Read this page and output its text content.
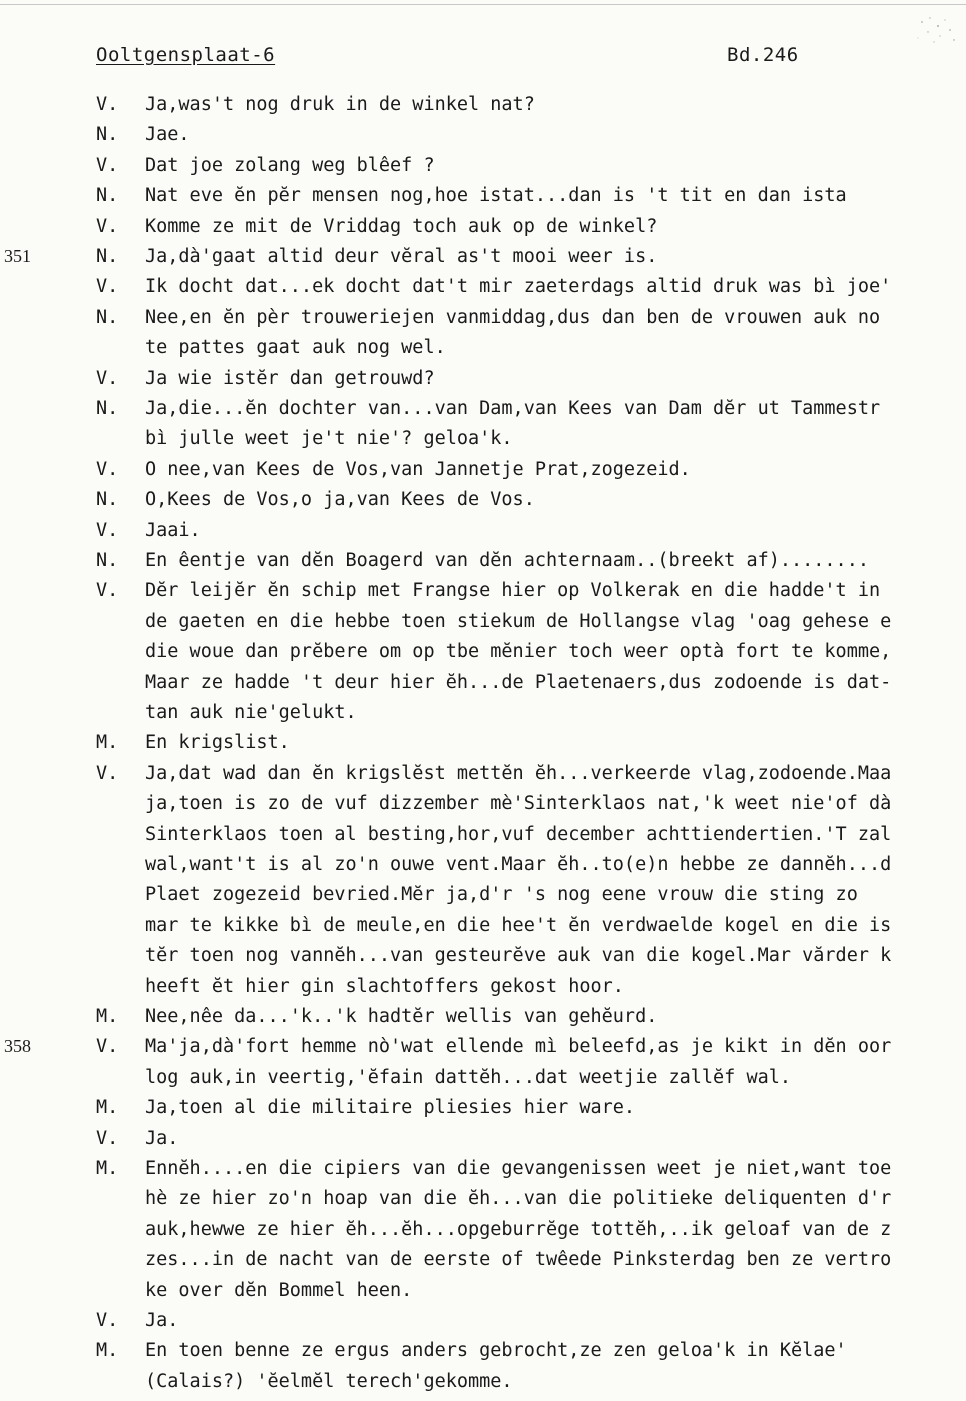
Ooltgensplaat-6	Bd.246
351
358
V. Ja,was't nog druk in de winkel nat?
N. Jae.
V. Dat joe zolang weg blêef ?
N. Nat eve ĕn pĕr mensen nog,hoe istat...dan is 't tit en dan ista
V. Komme ze mit de Vriddag toch auk op de winkel?
N. Ja,dà'gaat altid deur vĕral as't mooi weer is.
V. Ik docht dat...ek docht dat't mir zaeterdags altid druk was bì joe'
N. Nee,en ĕn pèr trouweriejen vanmiddag,dus dan ben de vrouwen auk no
te pattes gaat auk nog wel.
V. Ja wie istĕr dan getrouwd?
N. Ja,die...ĕn dochter van...van Dam,van Kees van Dam dĕr ut Tammestr
bì julle weet je't nie'? geloa'k.
V. O nee,van Kees de Vos,van Jannetje Prat,zogezeid.
N. O,Kees de Vos,o ja,van Kees de Vos.
V. Jaai.
N. En êentje van dĕn Boagerd van dĕn achternaam..(breekt af)........
V. Dĕr leijĕr ĕn schip met Frangse hier op Volkerak en die hadde't in
de gaeten en die hebbe toen stiekum de Hollangse vlag 'oag gehese e
die woue dan prĕbere om op tbe mĕnier toch weer optà fort te komme,
Maar ze hadde 't deur hier ĕh...de Plaetenaers,dus zodoende is dat-
tan auk nie'gelukt.
M. En krigslist.
V. Ja,dat wad dan ĕn krigslĕst mettĕn ĕh...verkeerde vlag,zodoende.Maa
ja,toen is zo de vuf dizzember mè'Sinterklaos nat,'k weet nie'of dà
Sinterklaos toen al besting,hor,vuf december achttiendertien.'T zal
wal,want't is al zo'n ouwe vent.Maar ĕh..to(e)n hebbe ze dannĕh...d
Plaet zogezeid bevried.Mĕr ja,d'r 's nog eene vrouw die sting zo
mar te kikke bì de meule,en die hee't ĕn verdwaelde kogel en die is
tĕr toen nog vannĕh...van gesteurĕve auk van die kogel.Mar vărder k
heeft ĕt hier gin slachtoffers gekost hoor.
M. Nee,nêe da...'k..'k hadtĕr wellis van gehĕurd.
V. Ma'ja,dà'fort hemme nò'wat ellende mì beleefd,as je kikt in dĕn oor
log auk,in veertig,'ĕfain dattĕh...dat weetjie zallĕf wal.
M. Ja,toen al die militaire pliesies hier ware.
V. Ja.
M. Ennĕh....en die cipiers van die gevangenissen weet je niet,want toe
hè ze hier zo'n hoap van die ĕh...van die politieke deliquenten d'r
auk,hewwe ze hier ĕh...ĕh...opgeburrĕge tottĕh,..ik geloaf van de z
zes...in de nacht van de eerste of twêede Pinksterdag ben ze vertro
ke over dĕn Bommel heen.
V. Ja.
M. En toen benne ze ergus anders gebrocht,ze zen geloa'k in Kĕlae'
(Calais?) 'ĕelmĕl terech'gekomme.
